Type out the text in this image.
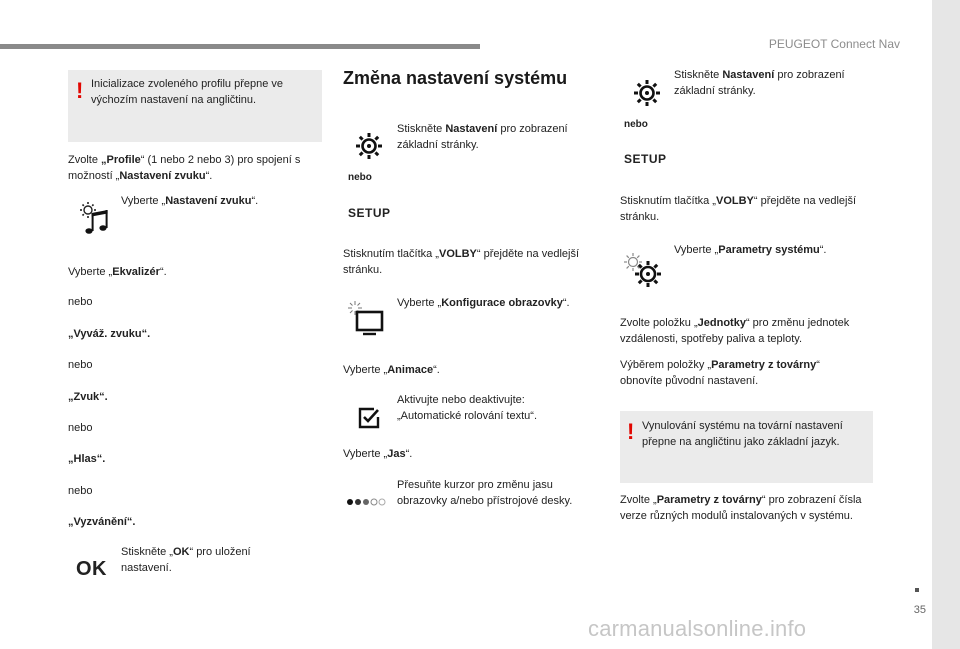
PEUGEOT Connect Nav
35
! Inicializace zvoleného profilu přepne ve výchozím nastavení na angličtinu.
Zvolte „Profile“ (1 nebo 2 nebo 3) pro spojení s možností „Nastavení zvuku“.
Vyberte „Nastavení zvuku“.
Vyberte „Ekvalizér“.
nebo
„Vyváž. zvuku“.
nebo
„Zvuk“.
nebo
„Hlas“.
nebo
„Vyzvánění“.
OK
Stiskněte „OK“ pro uložení nastavení.
Změna nastavení systému
Stiskněte Nastavení pro zobrazení základní stránky.
nebo
SETUP
Stisknutím tlačítka „VOLBY“ přejděte na vedlejší stránku.
Vyberte „Konfigurace obrazovky“.
Vyberte „Animace“.
Aktivujte nebo deaktivujte: „Automatické rolování textu“.
Vyberte „Jas“.
Přesuňte kurzor pro změnu jasu obrazovky a/nebo přístrojové desky.
Stiskněte Nastavení pro zobrazení základní stránky.
nebo
SETUP
Stisknutím tlačítka „VOLBY“ přejděte na vedlejší stránku.
Vyberte „Parametry systému“.
Zvolte položku „Jednotky“ pro změnu jednotek vzdálenosti, spotřeby paliva a teploty.
Výběrem položky „Parametry z továrny“ obnovíte původní nastavení.
! Vynulování systému na tovární nastavení přepne na angličtinu jako základní jazyk.
Zvolte „Parametry z továrny“ pro zobrazení čísla verze různých modulů instalovaných v systému.
carmanualsonline.info
